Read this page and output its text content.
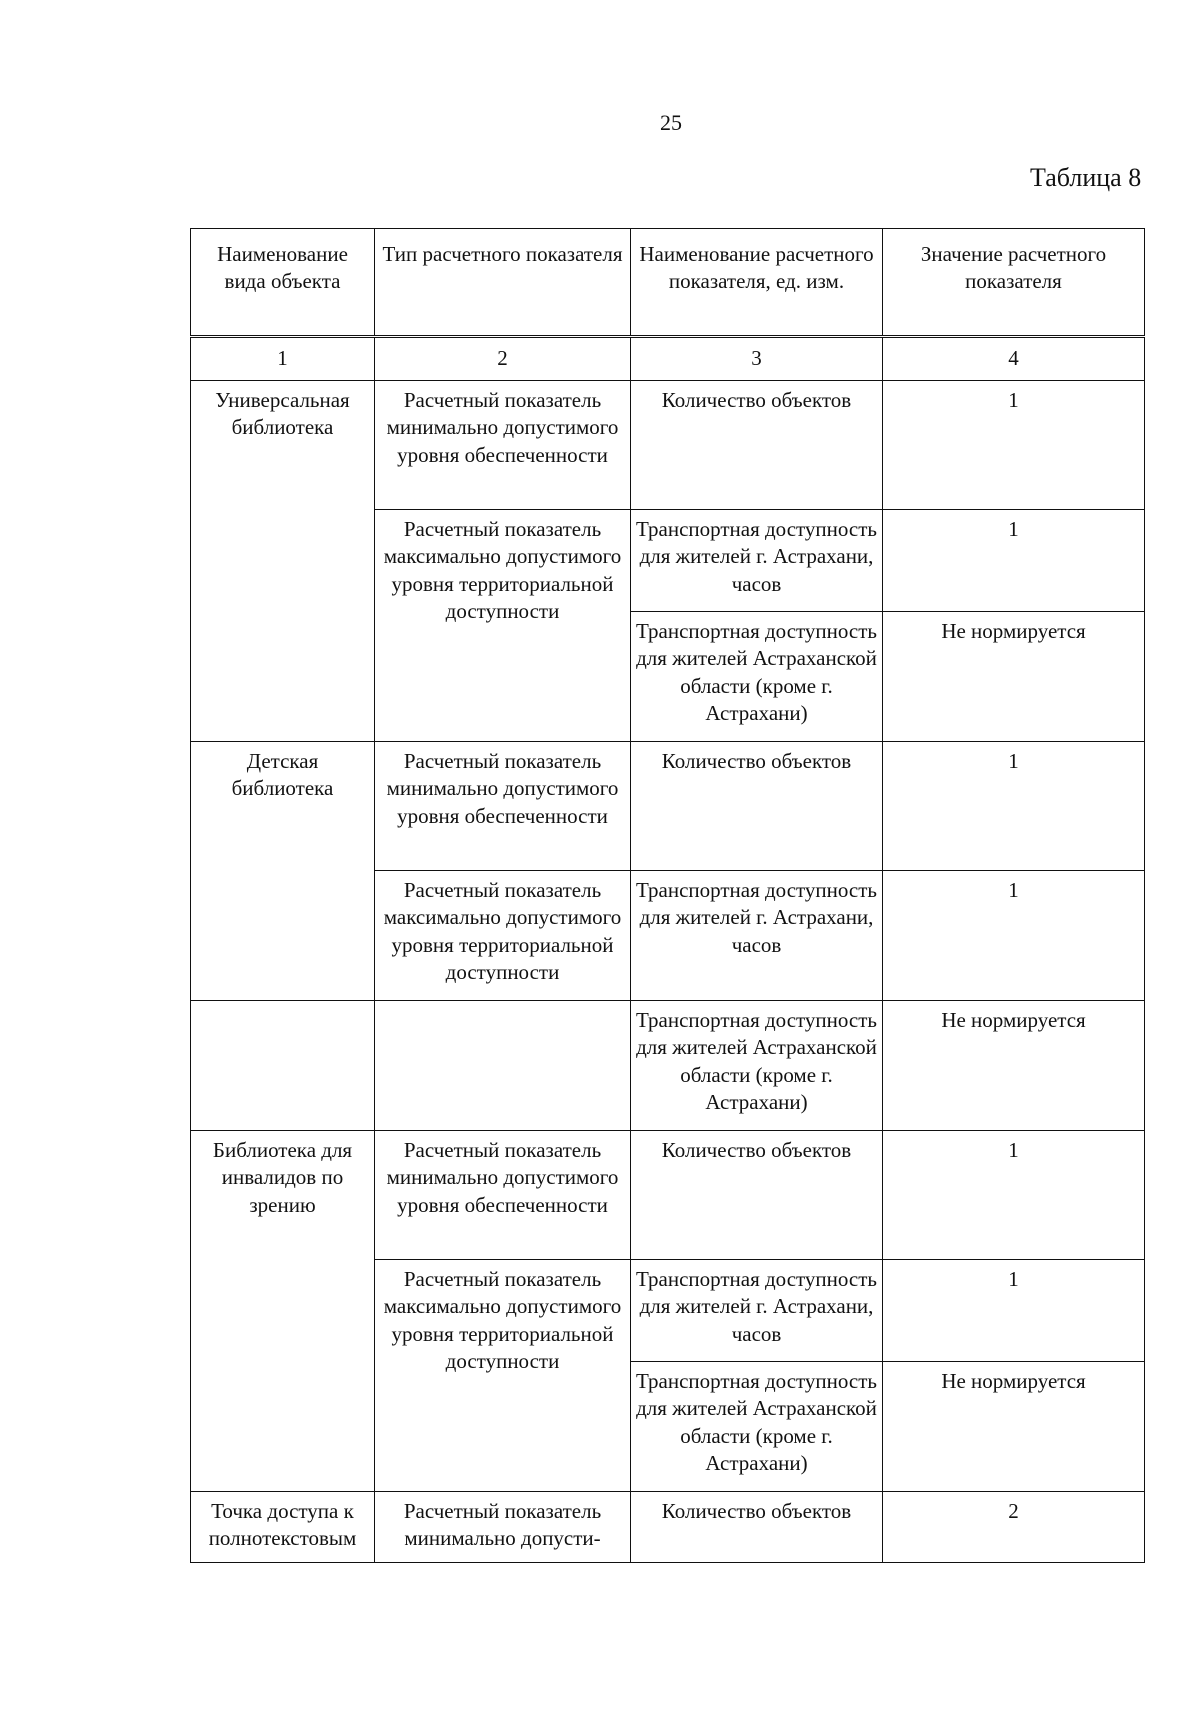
25
Таблица 8
Наименование вида объекта	Тип расчетного показателя	Наименование расчетного показателя, ед. изм.	Значение расчетного показателя
1	2	3	4
Универсальная библиотека	Расчетный показатель минимально допустимого уровня обеспеченности	Количество объектов	1
	Расчетный показатель максимально допустимого уровня территориальной доступности	Транспортная доступность для жителей г. Астрахани, часов	1
		Транспортная доступность для жителей Астраханской области (кроме г. Астрахани)	Не нормируется
Детская библиотека	Расчетный показатель минимально допустимого уровня обеспеченности	Количество объектов	1
	Расчетный показатель максимально допустимого уровня территориальной доступности	Транспортная доступность для жителей г. Астрахани, часов	1
		Транспортная доступность для жителей Астраханской области (кроме г. Астрахани)	Не нормируется
Библиотека для инвалидов по зрению	Расчетный показатель минимально допустимого уровня обеспеченности	Количество объектов	1
	Расчетный показатель максимально допустимого уровня территориальной доступности	Транспортная доступность для жителей г. Астрахани, часов	1
		Транспортная доступность для жителей Астраханской области (кроме г. Астрахани)	Не нормируется
Точка доступа к полнотекстовым	Расчетный показатель минимально допусти-	Количество объектов	2
